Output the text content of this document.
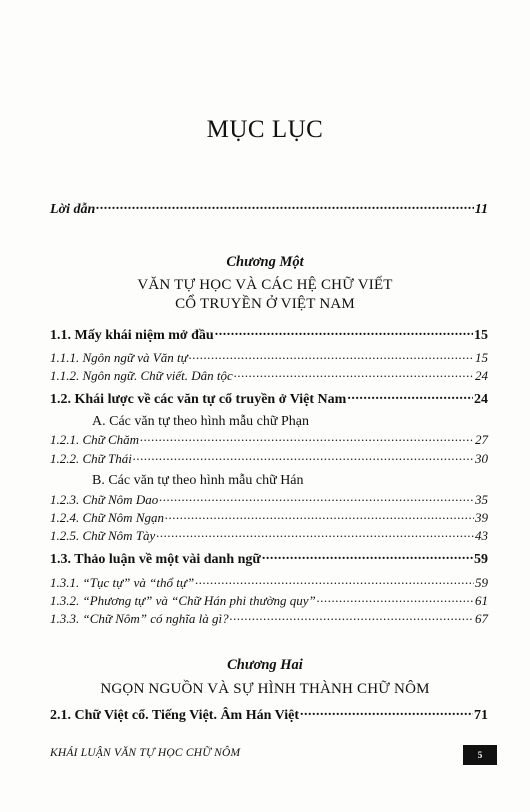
MỤC LỤC
Lời dẫn .....	11
Chương Một
VĂN TỰ HỌC VÀ CÁC HỆ CHỮ VIẾT
CỔ TRUYỀN Ở VIỆT NAM
1.1. Mấy khái niệm mở đầu .....	15
1.1.1. Ngôn ngữ và Văn tự .....	15
1.1.2. Ngôn ngữ. Chữ viết. Dân tộc .....	24
1.2. Khái lược về các văn tự cổ truyền ở Việt Nam .....	24
A. Các văn tự theo hình mẫu chữ Phạn
1.2.1. Chữ Chăm .....	27
1.2.2. Chữ Thái .....	30
B. Các văn tự theo hình mẫu chữ Hán
1.2.3. Chữ Nôm Dao .....	35
1.2.4. Chữ Nôm Ngạn .....	39
1.2.5. Chữ Nôm Tày .....	43
1.3. Thảo luận về một vài danh ngữ .....	59
1.3.1. “Tục tự” và “thổ tự” .....	59
1.3.2. “Phương tự” và “Chữ Hán phi thường quy” .....	61
1.3.3. “Chữ Nôm” có nghĩa là gì? .....	67
Chương Hai
NGỌN NGUỒN VÀ SỰ HÌNH THÀNH CHỮ NÔM
2.1. Chữ Việt cổ. Tiếng Việt. Âm Hán Việt .....	71
KHÁI LUẬN VĂN TỰ HỌC CHỮ NÔM	5
